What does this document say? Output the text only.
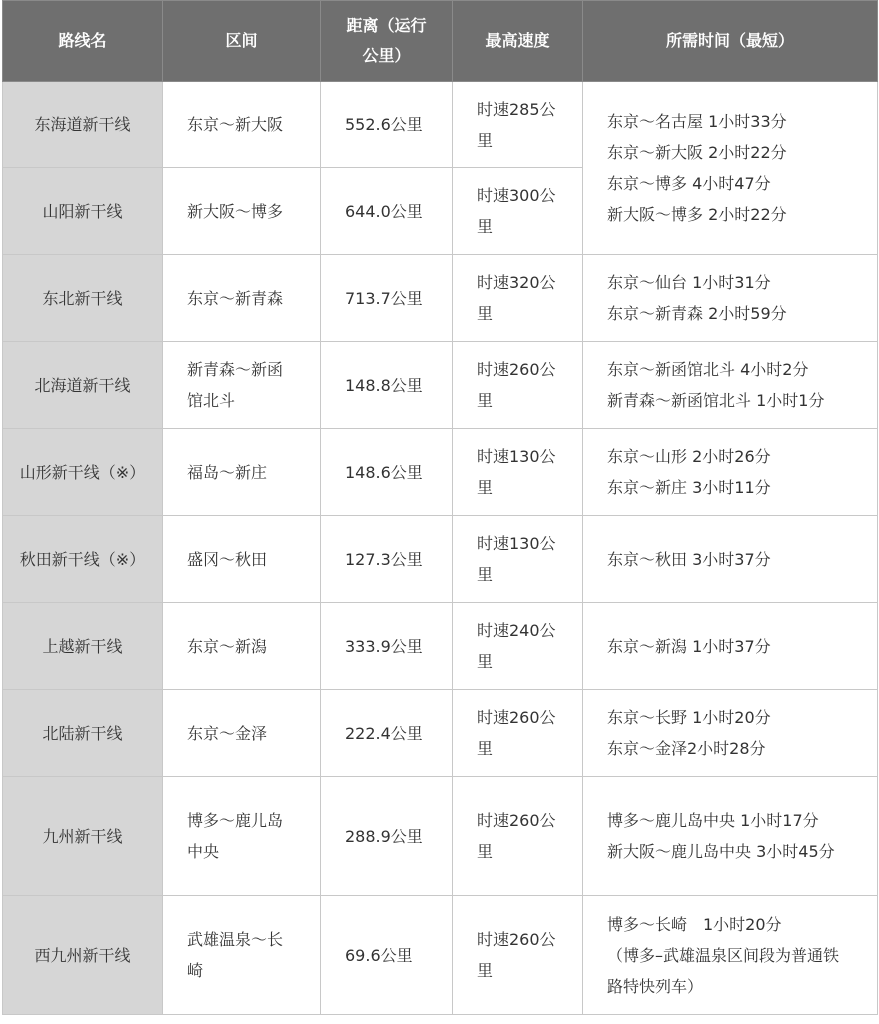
路线名	区间	距离（运行公里）	最高速度	所需时间（最短）
东海道新干线	东京～新大阪	552.6公里	时速285公里	东京～名古屋 1小时33分
东京～新大阪 2小时22分
东京～博多 4小时47分
新大阪～博多 2小时22分

山阳新干线	新大阪～博多	644.0公里	时速300公里	
东北新干线	东京～新青森	713.7公里	时速320公里	东京～仙台 1小时31分
东京～新青森 2小时59分

北海道新干线	新青森～新函馆北斗	148.8公里	时速260公里	东京～新函馆北斗 4小时2分
新青森～新函馆北斗 1小时1分

山形新干线（※）	福岛～新庄	148.6公里	时速130公里	东京～山形 2小时26分
东京～新庄 3小时11分

秋田新干线（※）	盛冈～秋田	127.3公里	时速130公里	东京～秋田 3小时37分

上越新干线	东京～新潟	333.9公里	时速240公里	东京～新潟 1小时37分

北陆新干线	东京～金泽	222.4公里	时速260公里	东京～长野 1小时20分
东京～金泽2小时28分

九州新干线	博多～鹿儿岛中央	288.9公里	时速260公里	博多～鹿儿岛中央 1小时17分
新大阪～鹿儿岛中央 3小时45分

西九州新干线	武雄温泉～长崎	69.6公里	时速260公里	博多～长崎　1小时20分
（博多–武雄温泉区间段为普通铁路特快列车）
